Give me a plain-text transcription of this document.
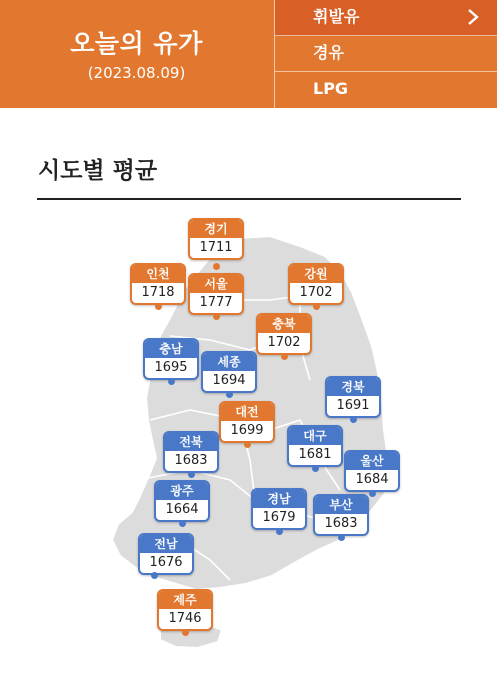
오늘의 유가
(2023.08.09)
휘발유
경유
LPG
시도별 평균
경기
1711
인천
1718
서울
1777
강원
1702
충북
1702
충남
1695	세종
1694	경북
1691
대전
1699
전북
1683
대구
1681	울산
1684
광주
1664
경남
1679
부산
1683
전남
1676
제주
1746
